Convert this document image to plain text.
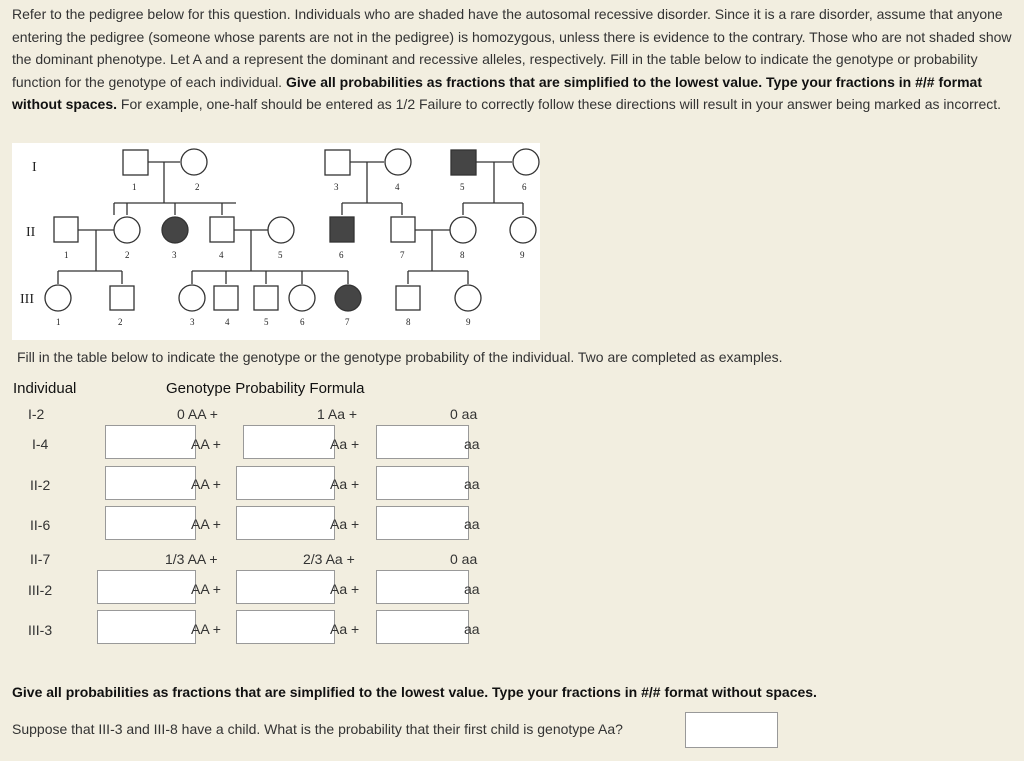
Refer to the pedigree below for this question. Individuals who are shaded have the autosomal recessive disorder. Since it is a rare disorder, assume that anyone entering the pedigree (someone whose parents are not in the pedigree) is homozygous, unless there is evidence to the contrary. Those who are not shaded show the dominant phenotype. Let A and a represent the dominant and recessive alleles, respectively. Fill in the table below to indicate the genotype or probability function for the genotype of each individual. Give all probabilities as fractions that are simplified to the lowest value. Type your fractions in #/# format without spaces. For example, one-half should be entered as 1/2 Failure to correctly follow these directions will result in your answer being marked as incorrect.
I
II
III
1	2	3	4	5	6
1	2	3	4	5	6	7	8	9
1	2	3	4	5	6	7	8	9
Fill in the table below to indicate the genotype or the genotype probability of the individual. Two are completed as examples.
Individual	Genotype Probability Formula
I-2	0 AA +	1 Aa +	0 aa
I-4	AA +	Aa +	aa
II-2	AA +	Aa +	aa
II-6	AA +	Aa +	aa
II-7	1/3 AA +	2/3 Aa +	0 aa
III-2	AA +	Aa +	aa
III-3	AA +	Aa +	aa
Give all probabilities as fractions that are simplified to the lowest value. Type your fractions in #/# format without spaces.
Suppose that III-3 and III-8 have a child. What is the probability that their first child is genotype Aa?
